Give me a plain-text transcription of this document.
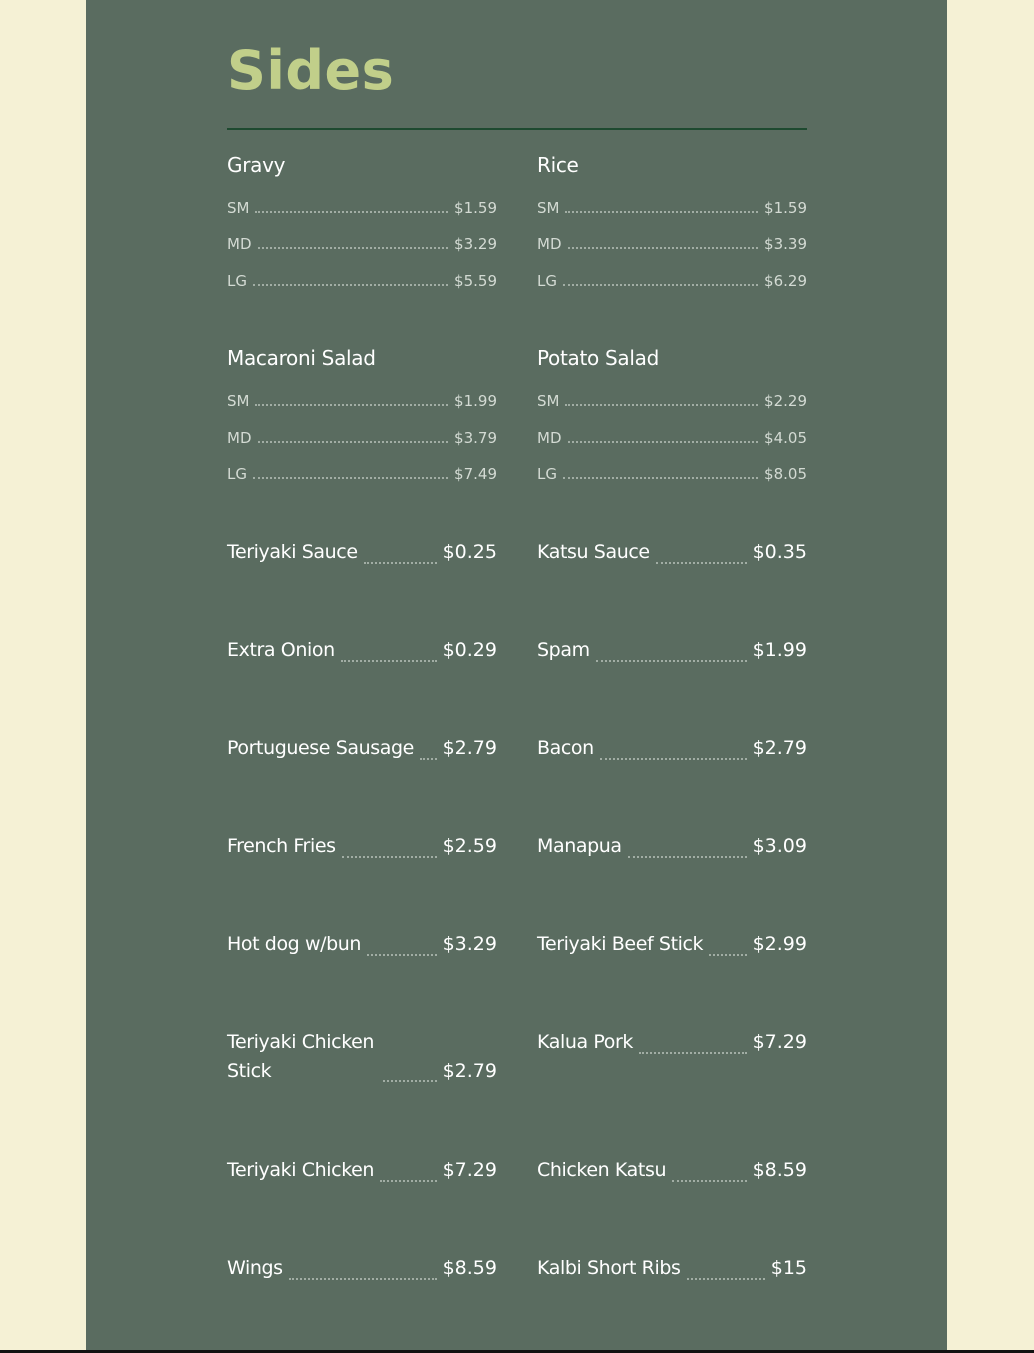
Sides
Gravy
SM	$1.59
MD	$3.29
LG	$5.59
Rice
SM	$1.59
MD	$3.39
LG	$6.29
Macaroni Salad
SM	$1.99
MD	$3.79
LG	$7.49
Potato Salad
SM	$2.29
MD	$4.05
LG	$8.05
Teriyaki Sauce	$0.25 Katsu Sauce	$0.35
Extra Onion	$0.29 Spam	$1.99
Portuguese Sausage $2.79 Bacon	$2.79
French Fries	$2.59 Manapua	$3.09
Hot dog w/bun	$3.29 Teriyaki Beef Stick	$2.99
Teriyaki Chicken Stick	$2.79
Kalua Pork	$7.29
Teriyaki Chicken	$7.29 Chicken Katsu	$8.59
Wings	$8.59 Kalbi Short Ribs	$15
